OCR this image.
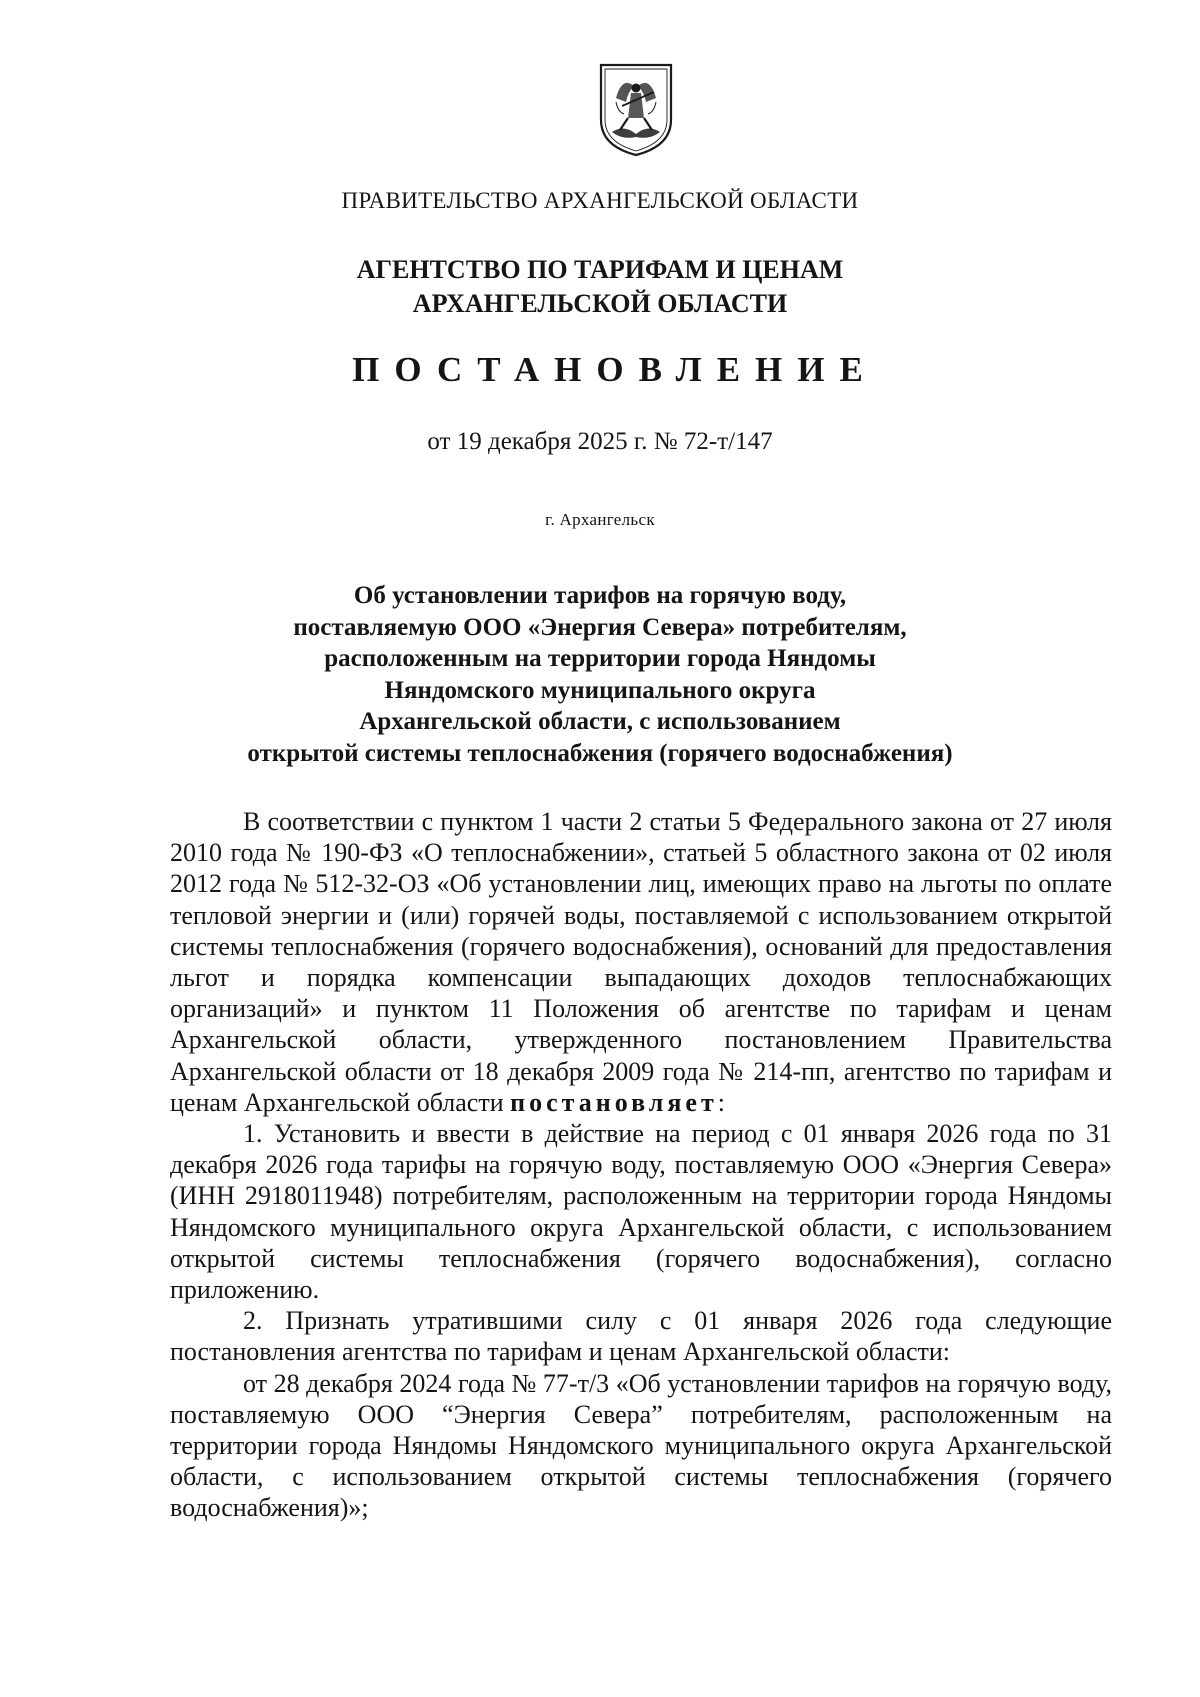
ПРАВИТЕЛЬСТВО АРХАНГЕЛЬСКОЙ ОБЛАСТИ
АГЕНТСТВО ПО ТАРИФАМ И ЦЕНАМ
АРХАНГЕЛЬСКОЙ ОБЛАСТИ
ПОСТАНОВЛЕНИЕ
от 19 декабря 2025 г. № 72-т/147
г. Архангельск
Об установлении тарифов на горячую воду,
поставляемую ООО «Энергия Севера» потребителям,
расположенным на территории города Няндомы
Няндомского муниципального округа
Архангельской области, с использованием
открытой системы теплоснабжения (горячего водоснабжения)

В соответствии с пунктом 1 части 2 статьи 5 Федерального закона от 27 июля 2010 года № 190-ФЗ «О теплоснабжении», статьей 5 областного закона от 02 июля 2012 года № 512-32-ОЗ «Об установлении лиц, имеющих право на льготы по оплате тепловой энергии и (или) горячей воды, поставляемой с использованием открытой системы теплоснабжения (горячего водоснабжения), оснований для предоставления льгот и порядка компенсации выпадающих доходов теплоснабжающих организаций» и пунктом 11 Положения об агентстве по тарифам и ценам Архангельской области, утвержденного постановлением Правительства Архангельской области от 18 декабря 2009 года № 214-пп, агентство по тарифам и ценам Архангельской области постановляет:

1. Установить и ввести в действие на период с 01 января 2026 года по 31 декабря 2026 года тарифы на горячую воду, поставляемую ООО «Энергия Севера» (ИНН 2918011948) потребителям, расположенным на территории города Няндомы Няндомского муниципального округа Архангельской области, с использованием открытой системы теплоснабжения (горячего водоснабжения), согласно приложению.

2. Признать утратившими силу с 01 января 2026 года следующие постановления агентства по тарифам и ценам Архангельской области:

от 28 декабря 2024 года № 77-т/3 «Об установлении тарифов на горячую воду, поставляемую ООО “Энергия Севера” потребителям, расположенным на территории города Няндомы Няндомского муниципального округа Архангельской области, с использованием открытой системы теплоснабжения (горячего водоснабжения)»;
